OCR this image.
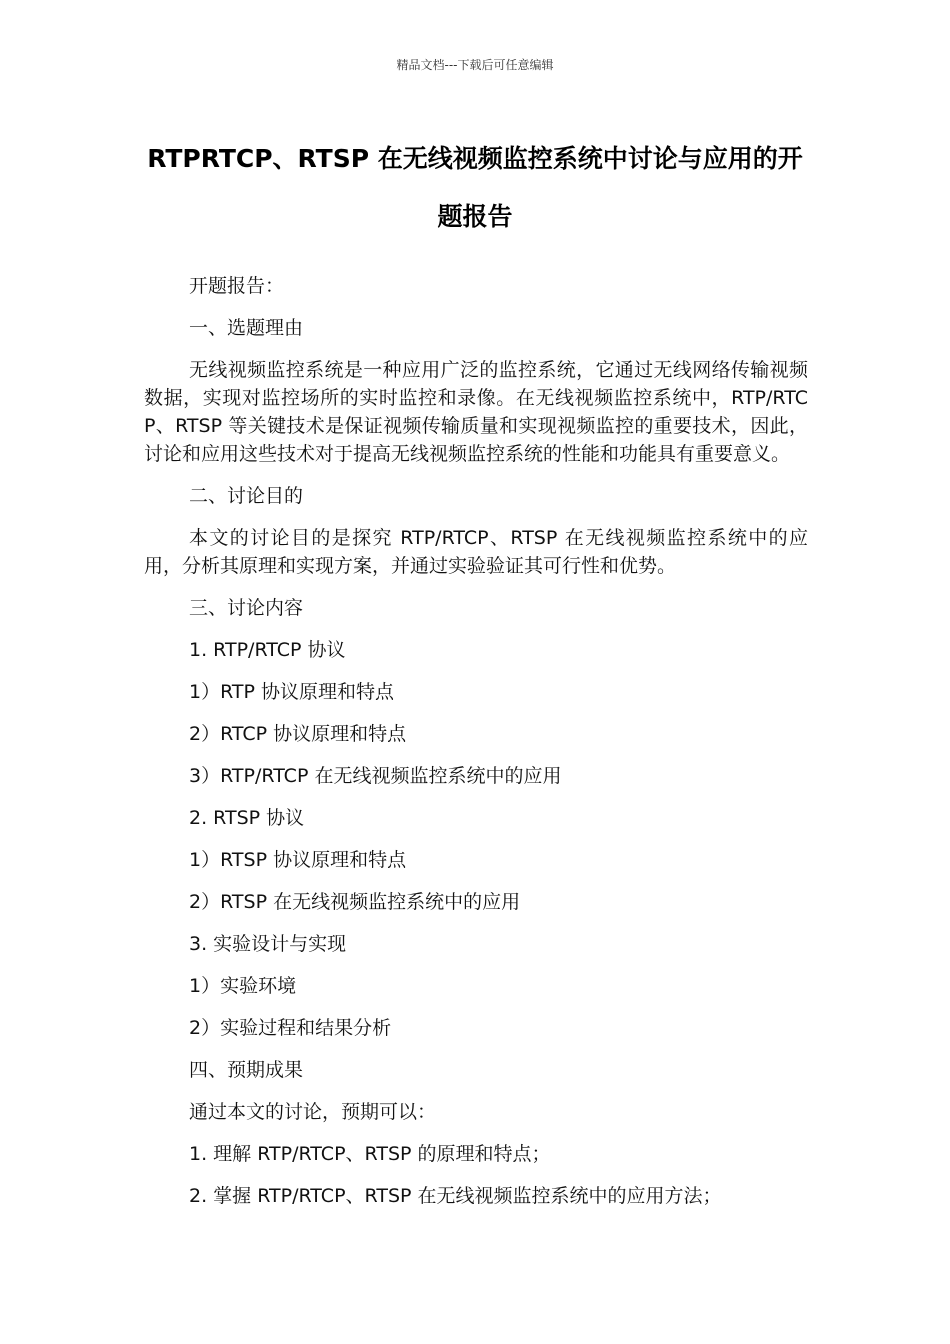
精品文档---下载后可任意编辑
RTPRTCP、RTSP 在无线视频监控系统中讨论与应用的开题报告

开题报告：

一、选题理由

无线视频监控系统是一种应用广泛的监控系统，它通过无线网络传输视频数据，实现对监控场所的实时监控和录像。在无线视频监控系统中，RTP/RTCP、RTSP 等关键技术是保证视频传输质量和实现视频监控的重要技术，因此，讨论和应用这些技术对于提高无线视频监控系统的性能和功能具有重要意义。

二、讨论目的

本文的讨论目的是探究 RTP/RTCP、RTSP 在无线视频监控系统中的应用，分析其原理和实现方案，并通过实验验证其可行性和优势。

三、讨论内容

1. RTP/RTCP 协议

1）RTP 协议原理和特点

2）RTCP 协议原理和特点

3）RTP/RTCP 在无线视频监控系统中的应用

2. RTSP 协议

1）RTSP 协议原理和特点

2）RTSP 在无线视频监控系统中的应用

3. 实验设计与实现

1）实验环境

2）实验过程和结果分析

四、预期成果

通过本文的讨论，预期可以：

1. 理解 RTP/RTCP、RTSP 的原理和特点；

2. 掌握 RTP/RTCP、RTSP 在无线视频监控系统中的应用方法；
